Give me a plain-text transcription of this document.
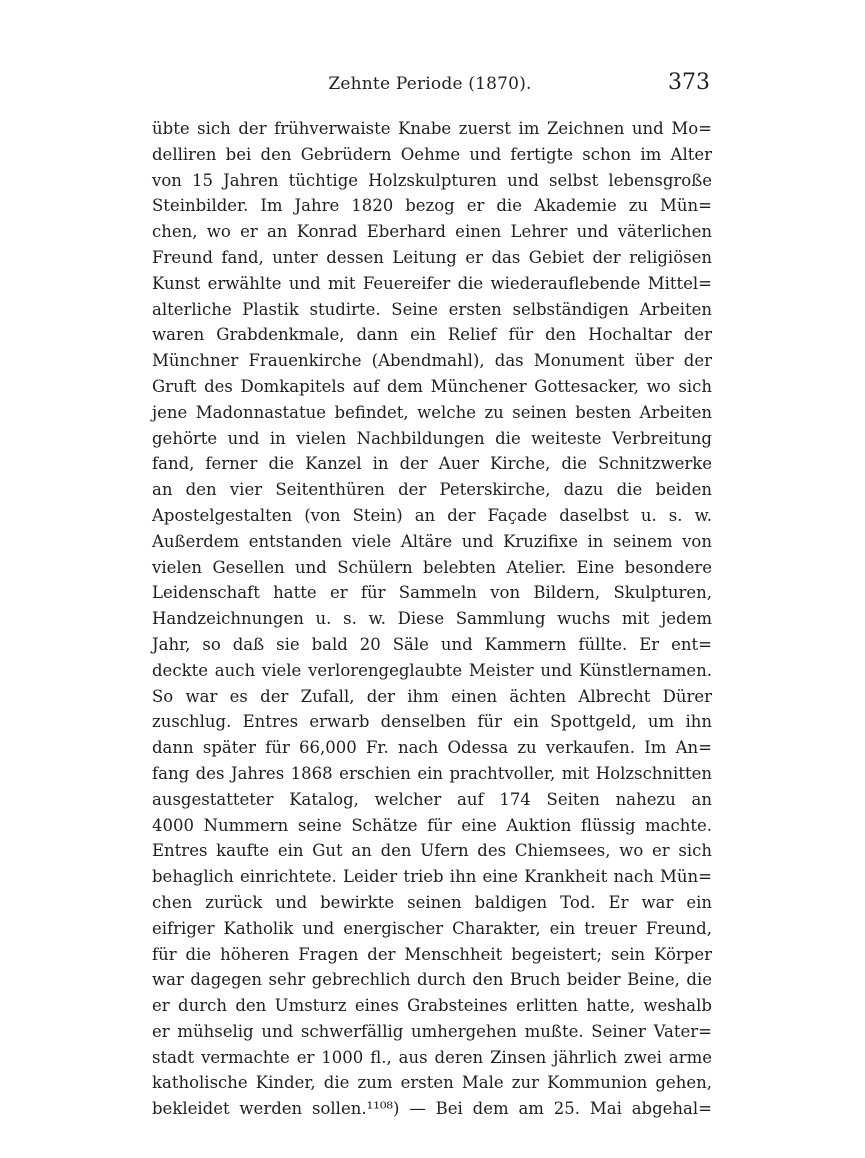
Zehnte Periode (1870).	373
übte sich der frühverwaiste Knabe zuerst im Zeichnen und Mo=
delliren bei den Gebrüdern Oehme und fertigte schon im Alter
von 15 Jahren tüchtige Holzskulpturen und selbst lebensgroße
Steinbilder. Im Jahre 1820 bezog er die Akademie zu Mün=
chen, wo er an Konrad Eberhard einen Lehrer und väterlichen
Freund fand, unter dessen Leitung er das Gebiet der religiösen
Kunst erwählte und mit Feuereifer die wiederauflebende Mittel=
alterliche Plastik studirte. Seine ersten selbständigen Arbeiten
waren Grabdenkmale, dann ein Relief für den Hochaltar der
Münchner Frauenkirche (Abendmahl), das Monument über der
Gruft des Domkapitels auf dem Münchener Gottesacker, wo sich
jene Madonnastatue befindet, welche zu seinen besten Arbeiten
gehörte und in vielen Nachbildungen die weiteste Verbreitung
fand, ferner die Kanzel in der Auer Kirche, die Schnitzwerke
an den vier Seitenthüren der Peterskirche, dazu die beiden
Apostelgestalten (von Stein) an der Façade daselbst u. s. w.
Außerdem entstanden viele Altäre und Kruzifixe in seinem von
vielen Gesellen und Schülern belebten Atelier. Eine besondere
Leidenschaft hatte er für Sammeln von Bildern, Skulpturen,
Handzeichnungen u. s. w. Diese Sammlung wuchs mit jedem
Jahr, so daß sie bald 20 Säle und Kammern füllte. Er ent=
deckte auch viele verlorengeglaubte Meister und Künstlernamen.
So war es der Zufall, der ihm einen ächten Albrecht Dürer
zuschlug. Entres erwarb denselben für ein Spottgeld, um ihn
dann später für 66,000 Fr. nach Odessa zu verkaufen. Im An=
fang des Jahres 1868 erschien ein prachtvoller, mit Holzschnitten
ausgestatteter Katalog, welcher auf 174 Seiten nahezu an
4000 Nummern seine Schätze für eine Auktion flüssig machte.
Entres kaufte ein Gut an den Ufern des Chiemsees, wo er sich
behaglich einrichtete. Leider trieb ihn eine Krankheit nach Mün=
chen zurück und bewirkte seinen baldigen Tod. Er war ein
eifriger Katholik und energischer Charakter, ein treuer Freund,
für die höheren Fragen der Menschheit begeistert; sein Körper
war dagegen sehr gebrechlich durch den Bruch beider Beine, die
er durch den Umsturz eines Grabsteines erlitten hatte, weshalb
er mühselig und schwerfällig umhergehen mußte. Seiner Vater=
stadt vermachte er 1000 fl., aus deren Zinsen jährlich zwei arme
katholische Kinder, die zum ersten Male zur Kommunion gehen,
bekleidet werden sollen.¹¹⁰⁸) — Bei dem am 25. Mai abgehal=
